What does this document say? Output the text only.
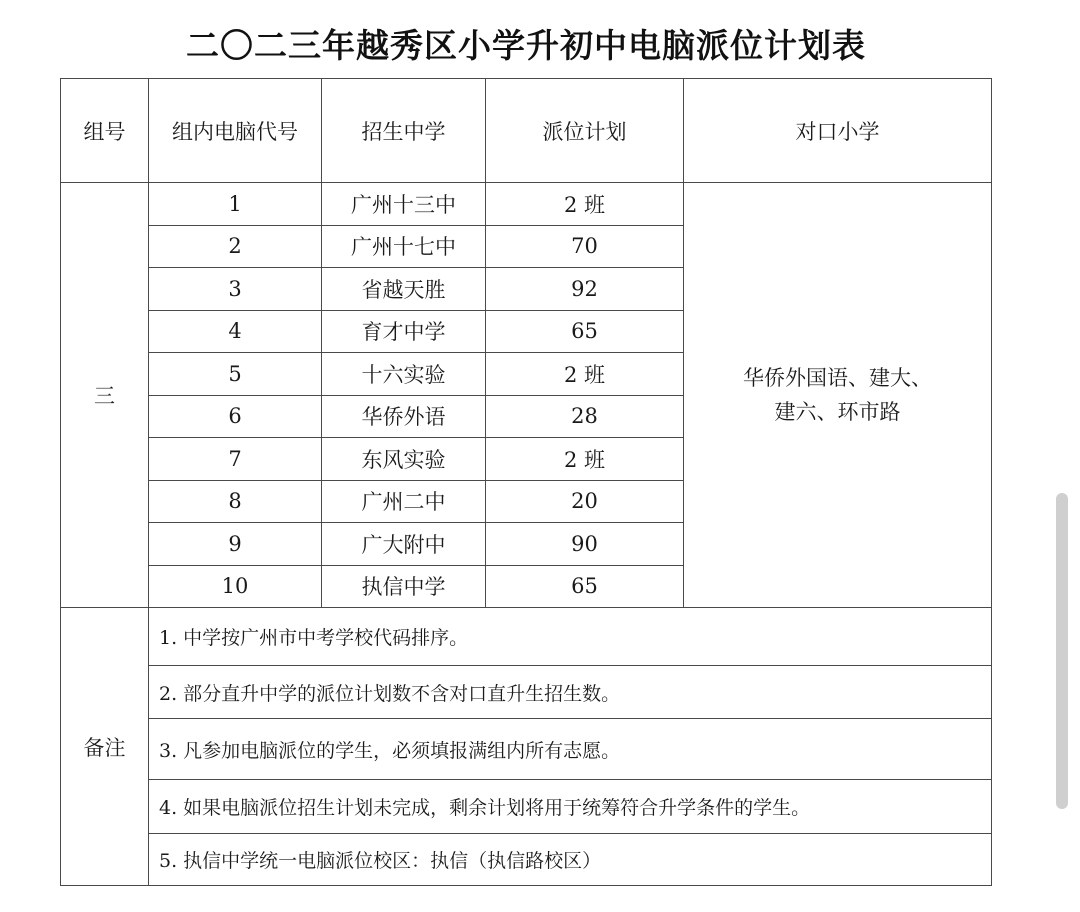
二〇二三年越秀区小学升初中电脑派位计划表
组号	组内电脑代号	招生中学	派位计划	对口小学
三	1	广州十三中	2 班	华侨外国语、建大、
建六、环市路
	2	广州十七中	70	
	3	省越天胜	92	
	4	育才中学	65	
	5	十六实验	2 班	
	6	华侨外语	28	
	7	东风实验	2 班	
	8	广州二中	20	
	9	广大附中	90	
	10	执信中学	65	
备注	1. 中学按广州市中考学校代码排序。			
	2. 部分直升中学的派位计划数不含对口直升生招生数。			
	3. 凡参加电脑派位的学生，必须填报满组内所有志愿。			
	4. 如果电脑派位招生计划未完成，剩余计划将用于统筹符合升学条件的学生。			
	5. 执信中学统一电脑派位校区：执信（执信路校区）			
